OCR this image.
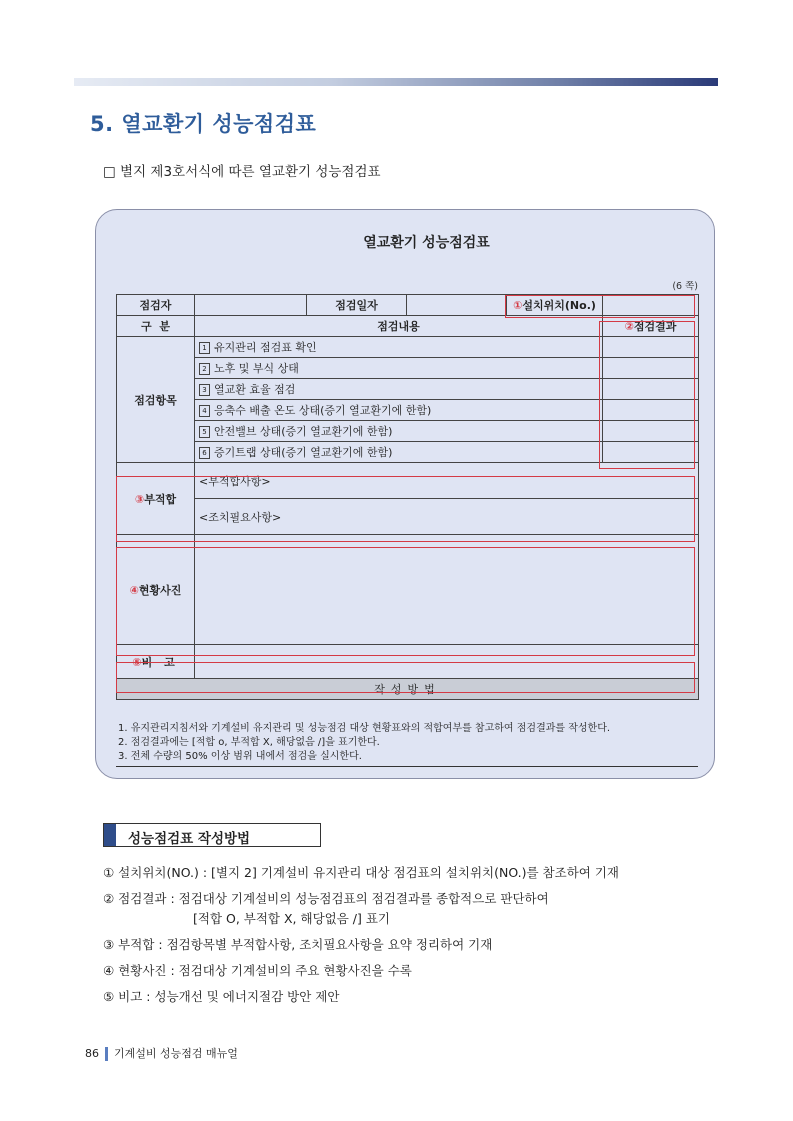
5. 열교환기 성능점검표
□ 별지 제3호서식에 따른 열교환기 성능점검표
열교환기 성능점검표
(6 쪽)
점검자		점검일자		①설치위치(No.)	
구  분	점검내용				②점검결과
점검항목	1 유지관리 점검표 확인				
	2 노후 및 부식 상태				
	3 열교환 효율 점검				
	4 응축수 배출 온도 상태(증기 열교환기에 한함)				
	5 안전밸브 상태(증기 열교환기에 한함)				
	6 증기트랩 상태(증기 열교환기에 한함)				
③부적합	<부적합사항>				
	<조치필요사항>				
④현황사진					
⑤비 고					
작성방법					
1. 유지관리지침서와 기계설비 유지관리 및 성능점검 대상 현황표와의 적합여부를 참고하여 점검결과를 작성한다.
2. 점검결과에는 [적합 o, 부적합 X, 해당없음 /]을 표기한다.
3. 전체 수량의 50% 이상 범위 내에서 점검을 실시한다.
성능점검표 작성방법
① 설치위치(NO.) : [별지 2] 기계설비 유지관리 대상 점검표의 설치위치(NO.)를 참조하여 기재
② 점검결과 : 점검대상 기계설비의 성능점검표의 점검결과를 종합적으로 판단하여
[적합 O, 부적합 X, 해당없음 /] 표기
③ 부적합 : 점검항목별 부적합사항, 조치필요사항을 요약 정리하여 기재
④ 현황사진 : 점검대상 기계설비의 주요 현황사진을 수록
⑤ 비고 : 성능개선 및 에너지절감 방안 제안
86 기계설비 성능점검 매뉴얼
